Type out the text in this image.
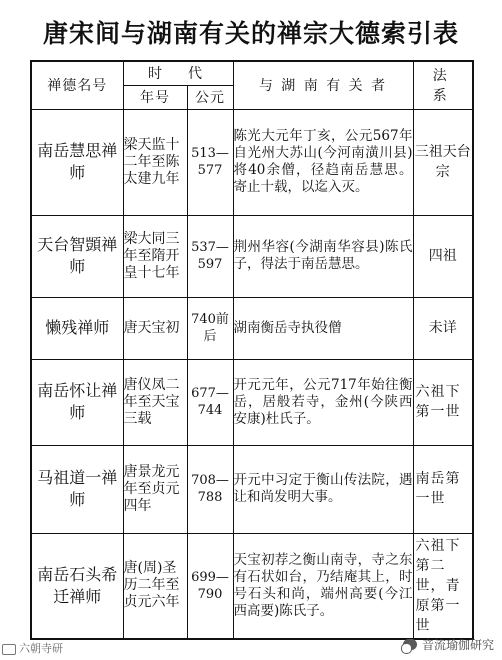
唐宋间与湖南有关的禅宗大德索引表
禅德名号	时　代		与 湖 南 有 关 者	法　系
	年号	公元		
南岳慧思禅师	梁天监十二年至陈太建九年	513—577	陈光大元年丁亥，公元567年自光州大苏山(今河南潢川县)将40余僧，径趋南岳慧思。寄止十载，以迄入灭。	三祖天台宗
天台智顗禅师	梁大同三年至隋开皇十七年	537—597	荆州华容(今湖南华容县)陈氏子，得法于南岳慧思。	四祖
懒残禅师	唐天宝初	740前后	湖南衡岳寺执役僧	未详
南岳怀让禅师	唐仪凤二年至天宝三载	677—744	开元元年，公元717年始往衡岳，居般若寺，金州(今陕西安康)杜氏子。	六祖下第一世
马祖道一禅师	唐景龙元年至贞元四年	708—788	开元中习定于衡山传法院，遇让和尚发明大事。	南岳第一世
南岳石头希迁禅师	唐(周)圣历二年至贞元六年	699—790	天宝初荐之衡山南寺，寺之东有石状如台，乃结庵其上，时号石头和尚，端州高要(今江西高要)陈氏子。	六祖下第二世，青原第一世
六朝寺研	音流瑜伽研究
